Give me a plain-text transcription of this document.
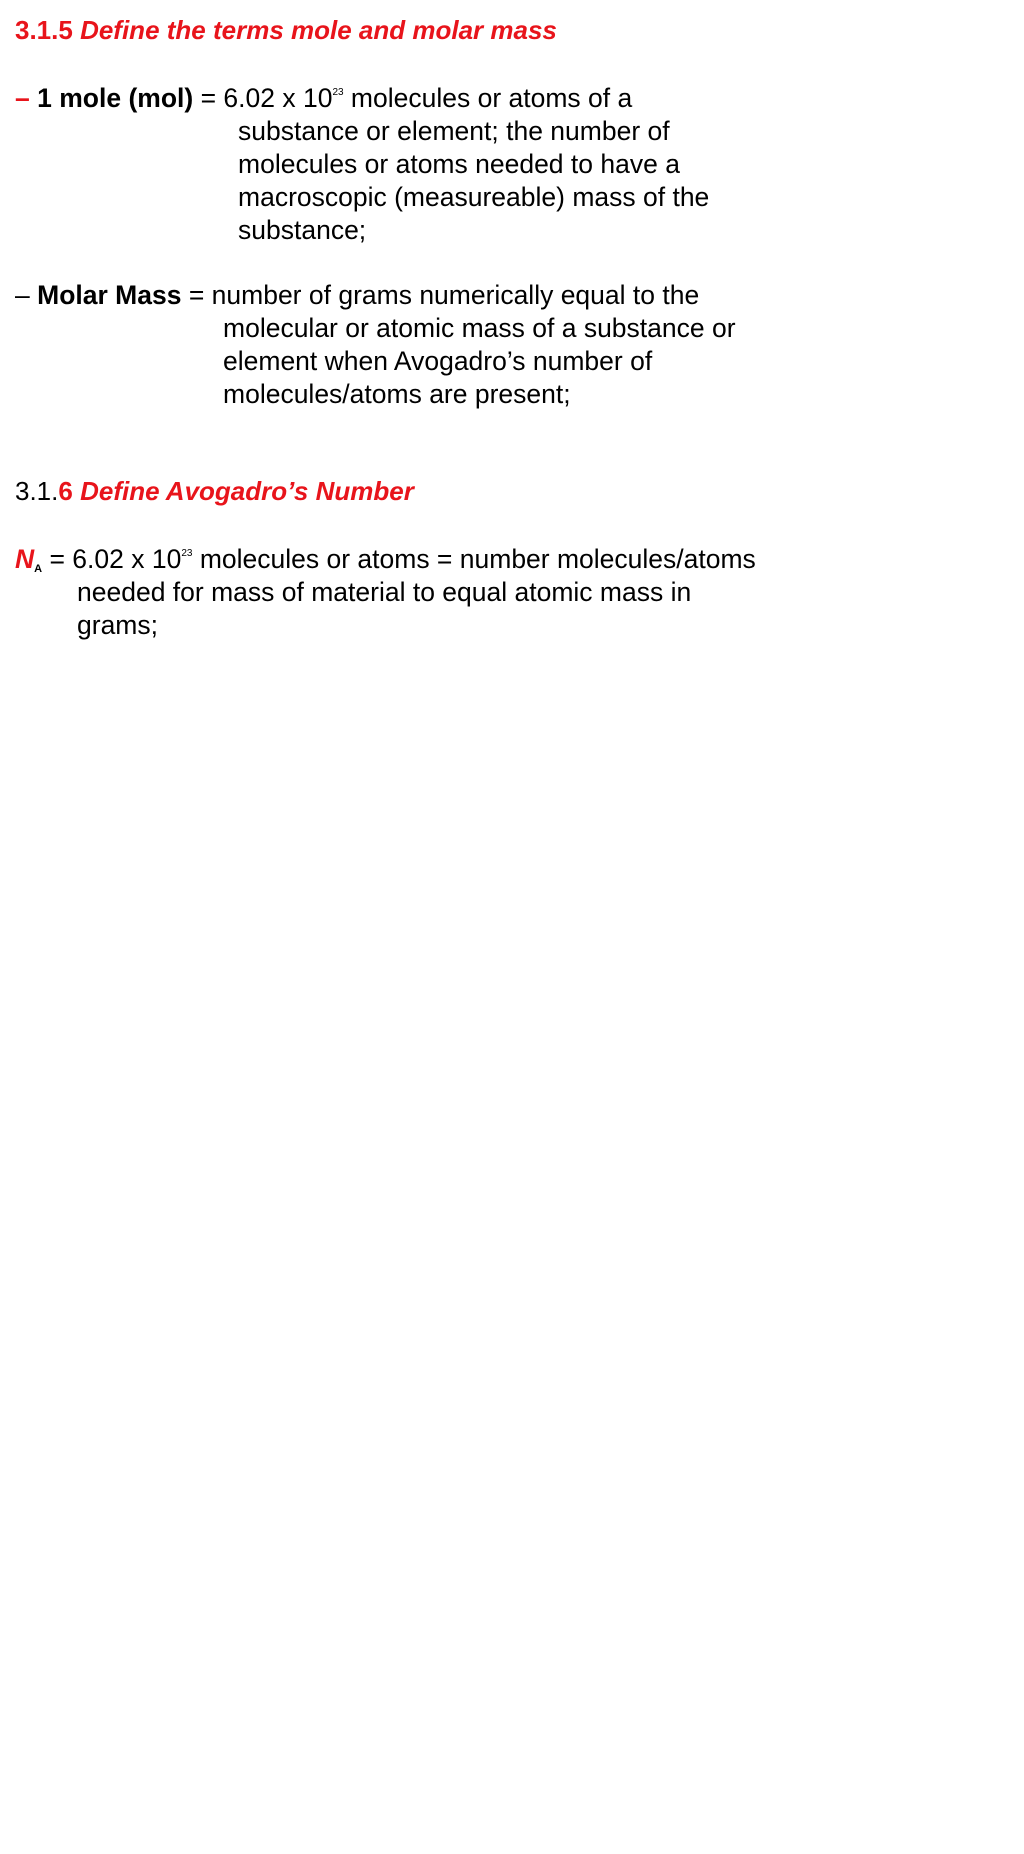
3.1.5 Define the terms mole and molar mass
– 1 mole (mol) = 6.02 x $10^{23}$ molecules or atoms of a
substance or element; the number of
molecules or atoms needed to have a
macroscopic (measureable) mass of the
substance;
– Molar Mass = number of grams numerically equal to the
molecular or atomic mass of a substance or
element when Avogadro’s number of
molecules/atoms are present;
3.1.6 Define Avogadro’s Number
$N_A = 6.02$ x $10^{23}$ molecules or atoms = number molecules/atoms
needed for mass of material to equal atomic mass in
grams;
